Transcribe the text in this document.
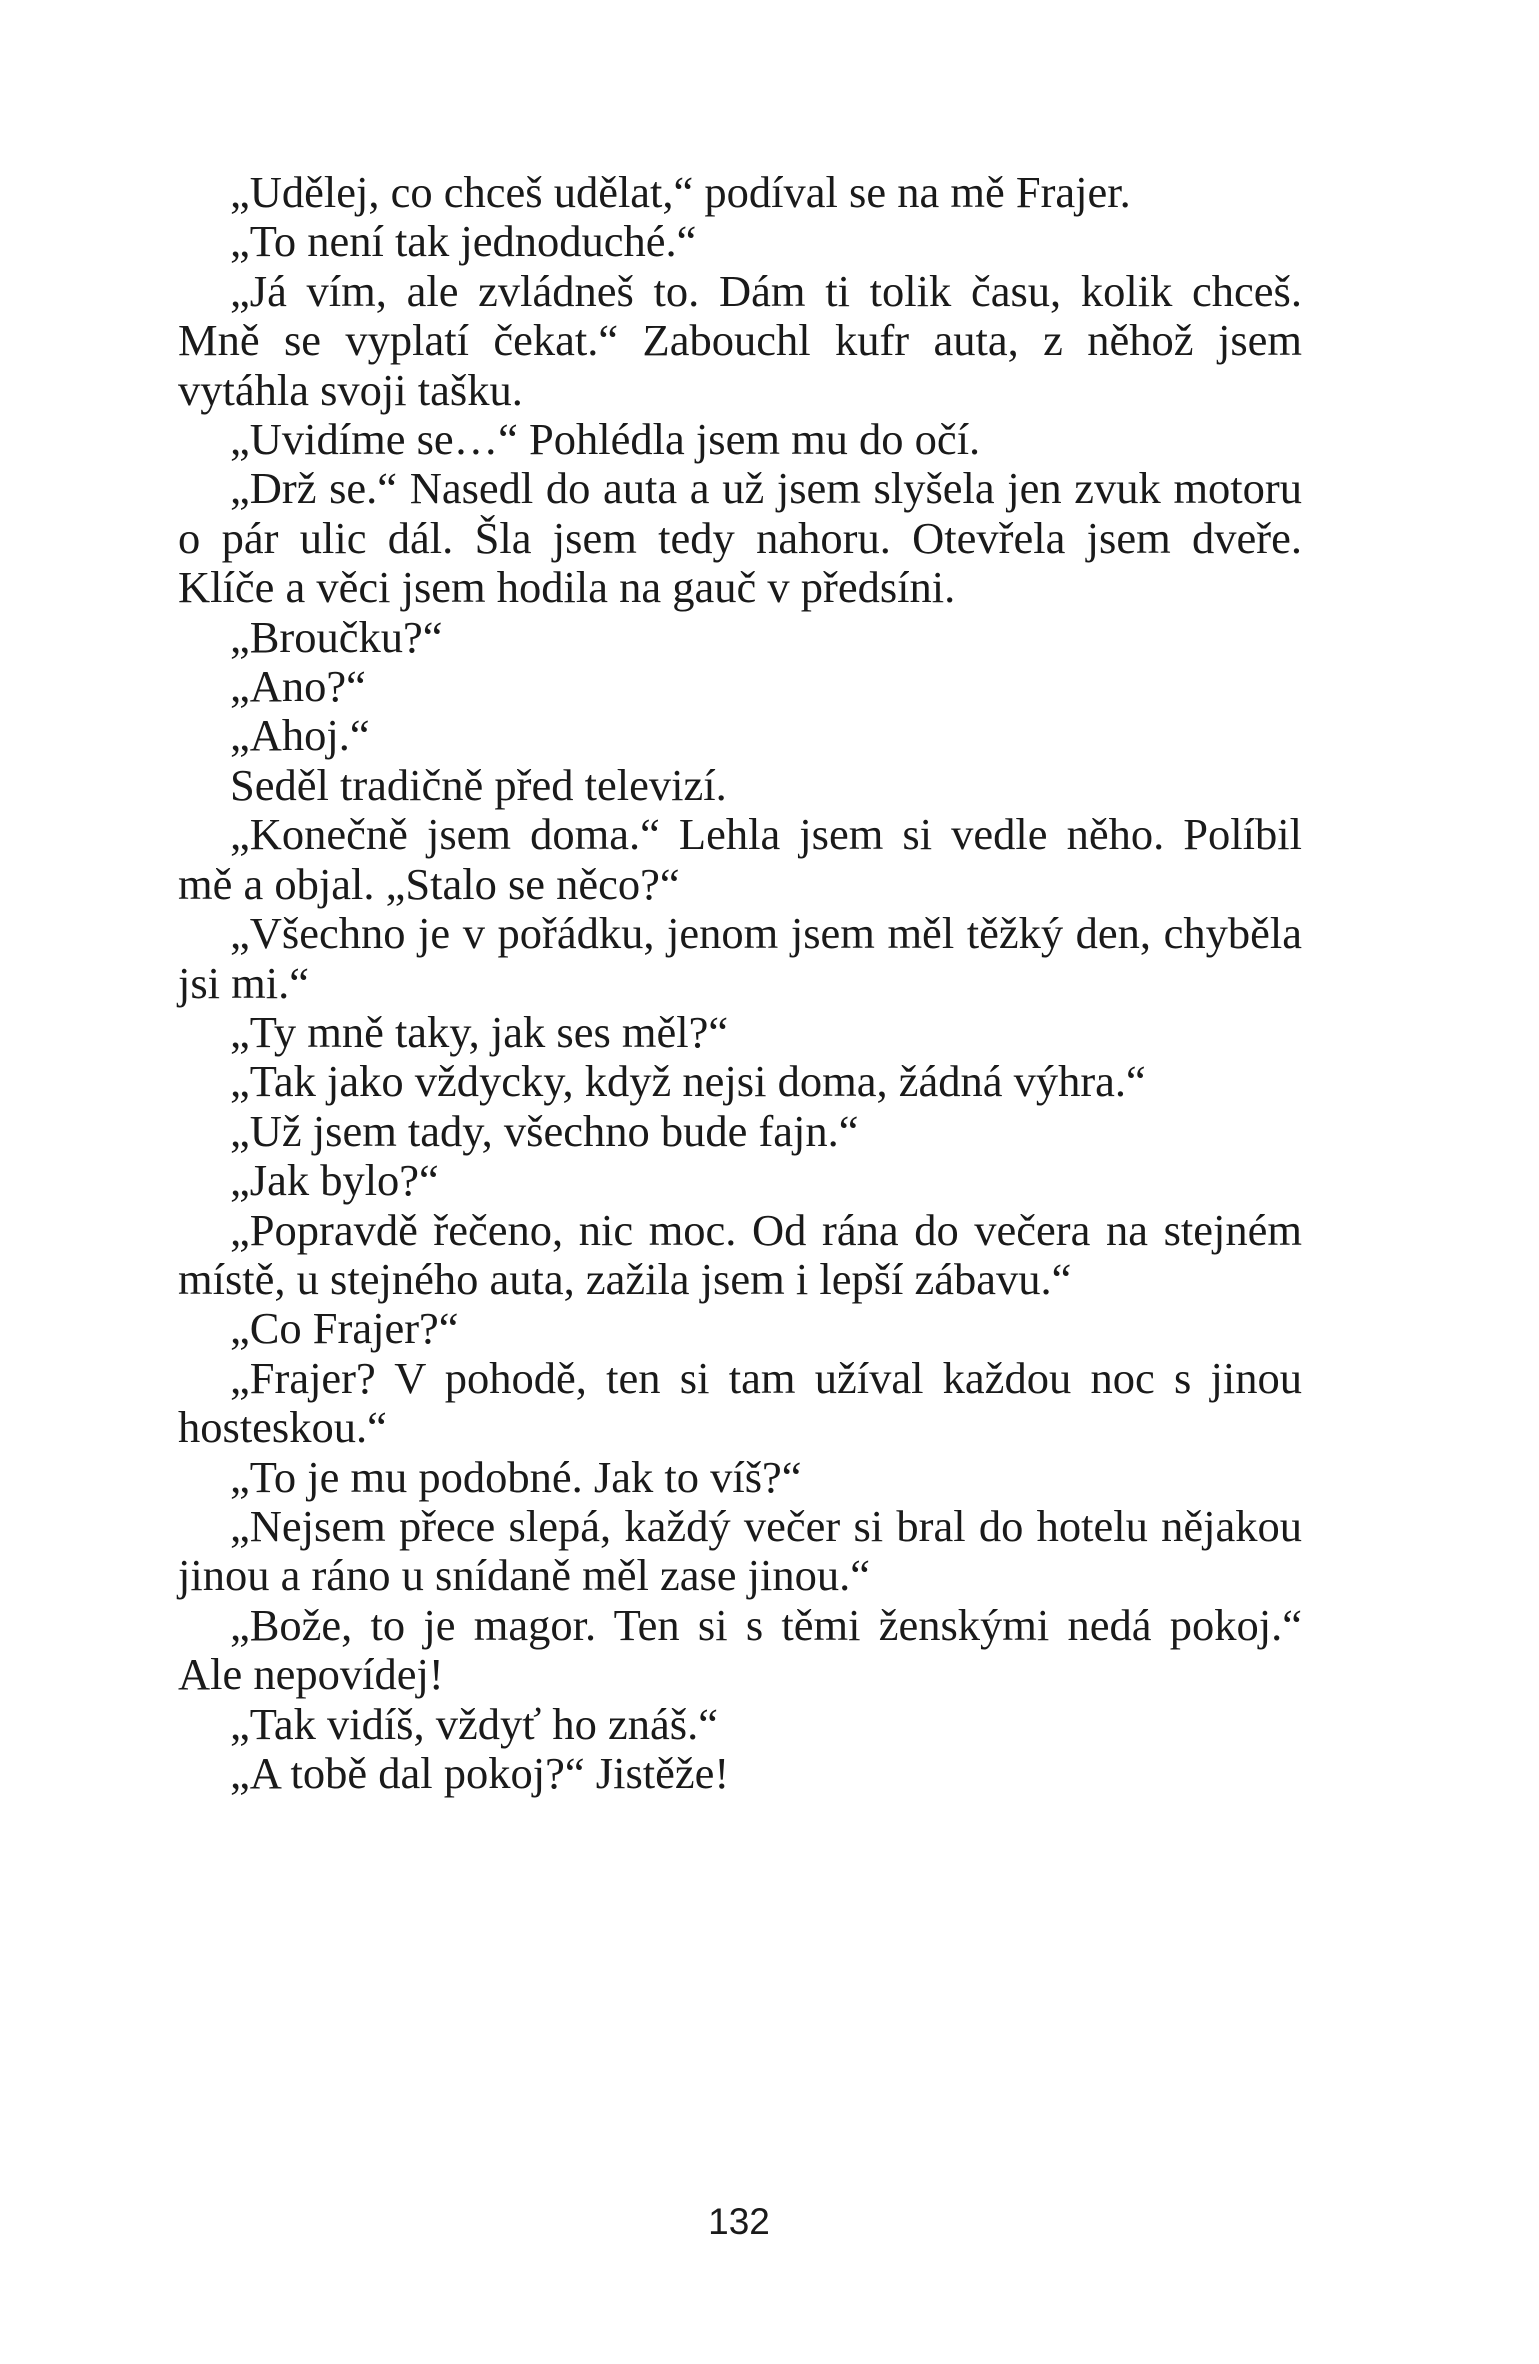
„Udělej, co chceš udělat,“ podíval se na mě Frajer.

„To není tak jednoduché.“

„Já vím, ale zvládneš to. Dám ti tolik času, kolik chceš. Mně se vyplatí čekat.“ Zabouchl kufr auta, z něhož jsem vytáhla svoji tašku.

„Uvidíme se…“ Pohlédla jsem mu do očí.

„Drž se.“ Nasedl do auta a už jsem slyšela jen zvuk motoru o pár ulic dál. Šla jsem tedy nahoru. Otevřela jsem dveře. Klíče a věci jsem hodila na gauč v předsíni.

„Broučku?“

„Ano?“

„Ahoj.“

Seděl tradičně před televizí.

„Konečně jsem doma.“ Lehla jsem si vedle něho. Políbil mě a objal. „Stalo se něco?“

„Všechno je v pořádku, jenom jsem měl těžký den, chyběla jsi mi.“

„Ty mně taky, jak ses měl?“

„Tak jako vždycky, když nejsi doma, žádná výhra.“

„Už jsem tady, všechno bude fajn.“

„Jak bylo?“

„Popravdě řečeno, nic moc. Od rána do večera na stejném místě, u stejného auta, zažila jsem i lepší zábavu.“

„Co Frajer?“

„Frajer? V pohodě, ten si tam užíval každou noc s jinou hosteskou.“

„To je mu podobné. Jak to víš?“

„Nejsem přece slepá, každý večer si bral do hotelu nějakou jinou a ráno u snídaně měl zase jinou.“

„Bože, to je magor. Ten si s těmi ženskými nedá pokoj.“ Ale nepovídej!

„Tak vidíš, vždyť ho znáš.“

„A tobě dal pokoj?“ Jistěže!

132
